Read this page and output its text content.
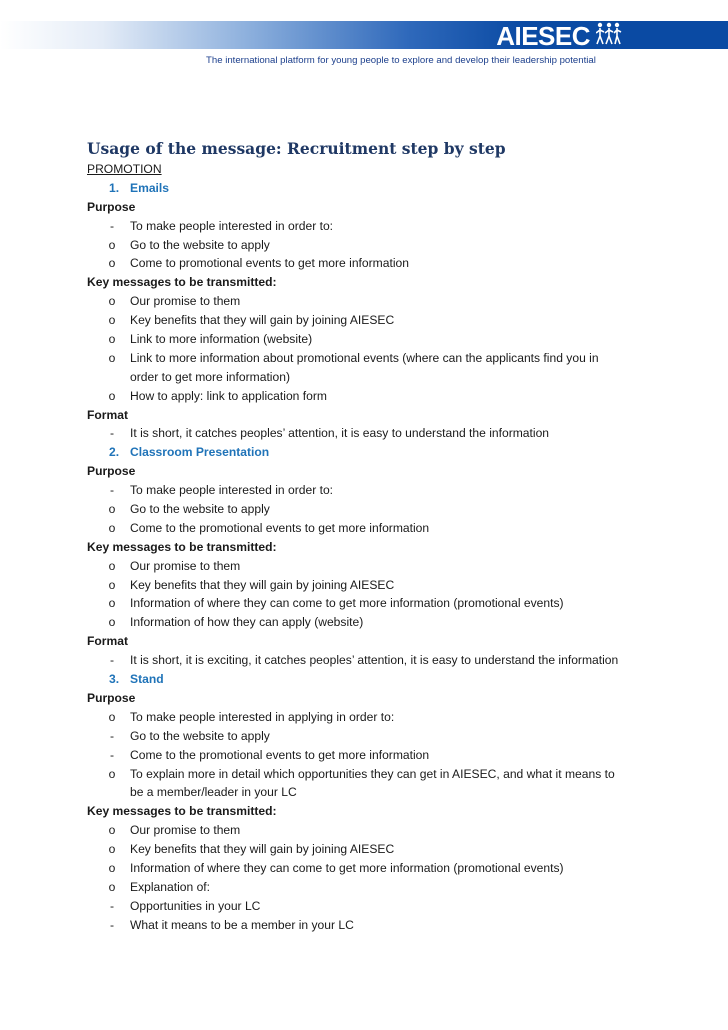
AIESEC
The international platform for young people to explore and develop their leadership potential
Usage of the message: Recruitment step by step
PROMOTION
1. Emails
Purpose
-	To make people interested in order to:
o	Go to the website to apply
o	Come to promotional events to get more information
Key messages to be transmitted:
o	Our promise to them
o	Key benefits that they will gain by joining AIESEC
o	Link to more information (website)
o	Link to more information about promotional events (where can the applicants find you in
order to get more information)
o	How to apply: link to application form
Format
-	It is short, it catches peoples’ attention, it is easy to understand the information
2. Classroom Presentation
Purpose
-	To make people interested in order to:
o	Go to the website to apply
o	Come to the promotional events to get more information
Key messages to be transmitted:
o	Our promise to them
o	Key benefits that they will gain by joining AIESEC
o	Information of where they can come to get more information (promotional events)
o	Information of how they can apply (website)
Format
-	It is short, it is exciting, it catches peoples’ attention, it is easy to understand the information
3. Stand
Purpose
o	To make people interested in applying in order to:
-	Go to the website to apply
-	Come to the promotional events to get more information
o	To explain more in detail which opportunities they can get in AIESEC, and what it means to
be a member/leader in your LC
Key messages to be transmitted:
o	Our promise to them
o	Key benefits that they will gain by joining AIESEC
o	Information of where they can come to get more information (promotional events)
o	Explanation of:
-	Opportunities in your LC
-	What it means to be a member in your LC
